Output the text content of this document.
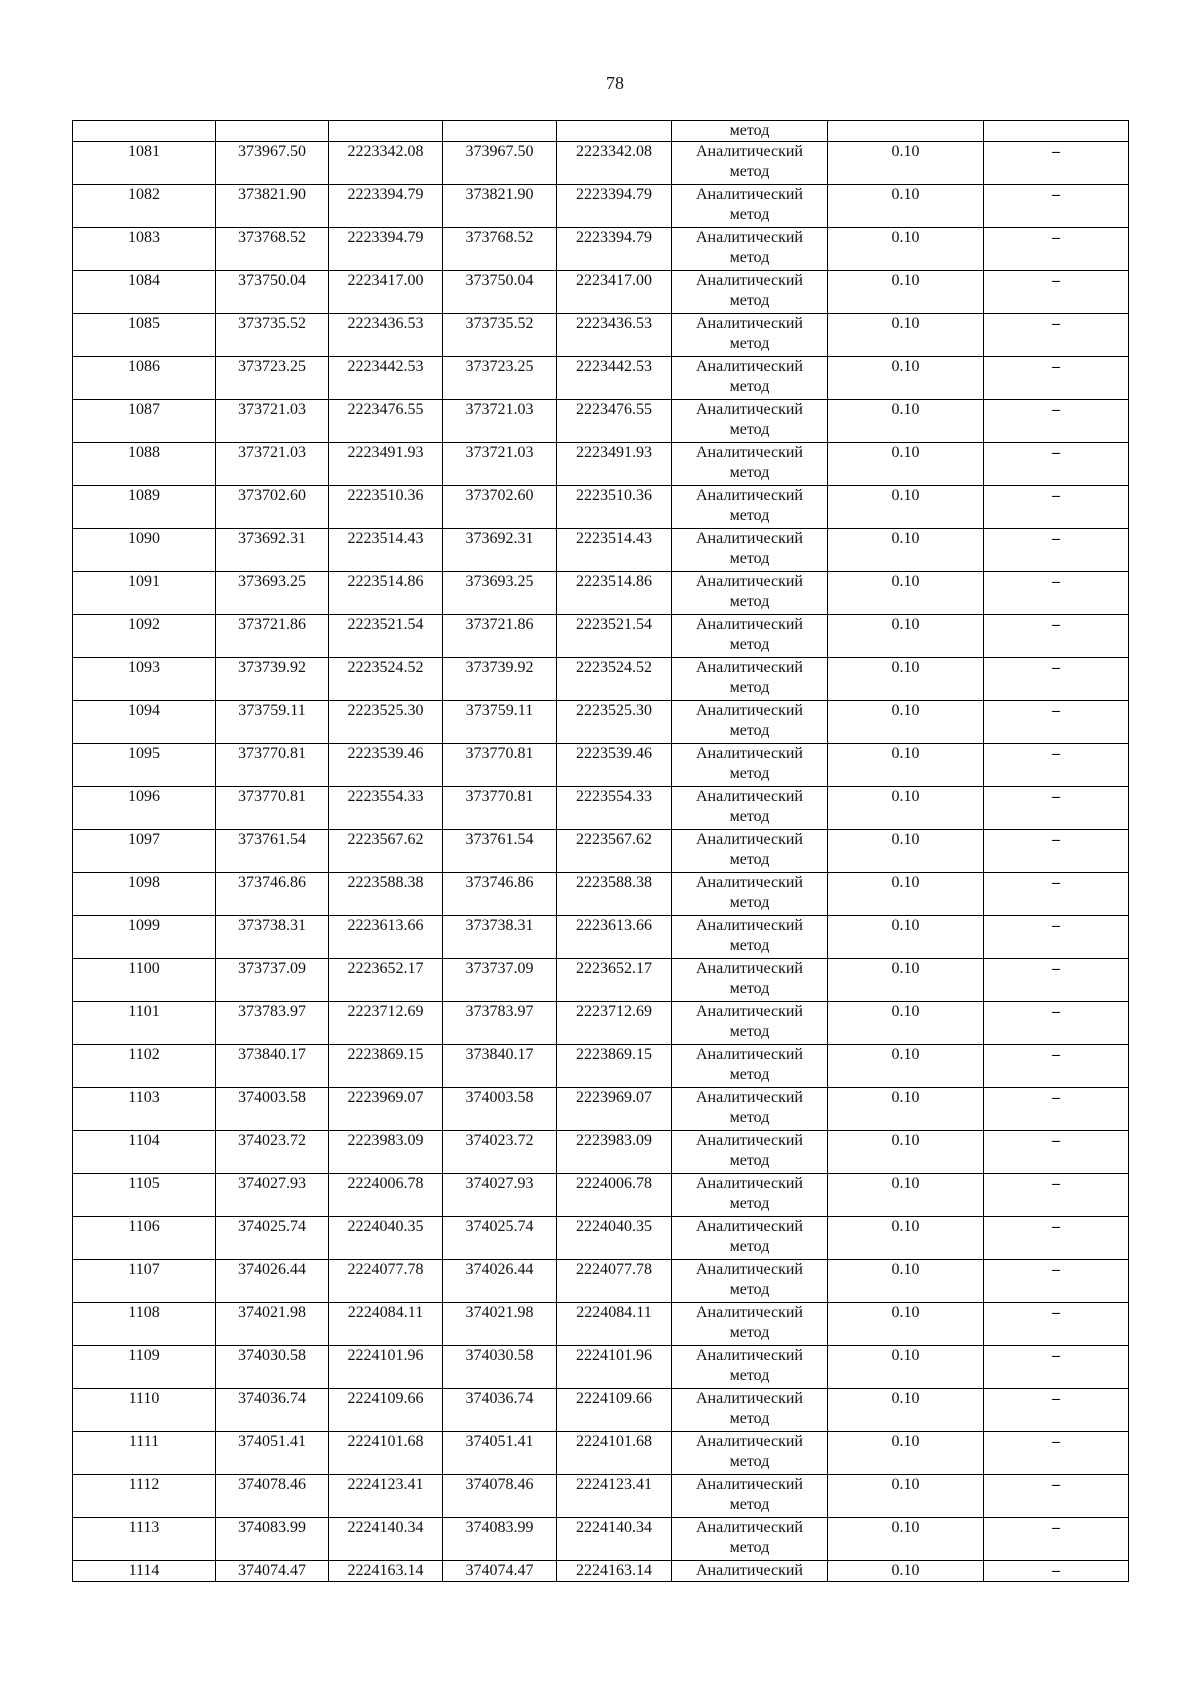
78
					метод		
1081	373967.50	2223342.08	373967.50	2223342.08	Аналитический
метод	0.10	–
1082	373821.90	2223394.79	373821.90	2223394.79	Аналитический
метод	0.10	–
1083	373768.52	2223394.79	373768.52	2223394.79	Аналитический
метод	0.10	–
1084	373750.04	2223417.00	373750.04	2223417.00	Аналитический
метод	0.10	–
1085	373735.52	2223436.53	373735.52	2223436.53	Аналитический
метод	0.10	–
1086	373723.25	2223442.53	373723.25	2223442.53	Аналитический
метод	0.10	–
1087	373721.03	2223476.55	373721.03	2223476.55	Аналитический
метод	0.10	–
1088	373721.03	2223491.93	373721.03	2223491.93	Аналитический
метод	0.10	–
1089	373702.60	2223510.36	373702.60	2223510.36	Аналитический
метод	0.10	–
1090	373692.31	2223514.43	373692.31	2223514.43	Аналитический
метод	0.10	–
1091	373693.25	2223514.86	373693.25	2223514.86	Аналитический
метод	0.10	–
1092	373721.86	2223521.54	373721.86	2223521.54	Аналитический
метод	0.10	–
1093	373739.92	2223524.52	373739.92	2223524.52	Аналитический
метод	0.10	–
1094	373759.11	2223525.30	373759.11	2223525.30	Аналитический
метод	0.10	–
1095	373770.81	2223539.46	373770.81	2223539.46	Аналитический
метод	0.10	–
1096	373770.81	2223554.33	373770.81	2223554.33	Аналитический
метод	0.10	–
1097	373761.54	2223567.62	373761.54	2223567.62	Аналитический
метод	0.10	–
1098	373746.86	2223588.38	373746.86	2223588.38	Аналитический
метод	0.10	–
1099	373738.31	2223613.66	373738.31	2223613.66	Аналитический
метод	0.10	–
1100	373737.09	2223652.17	373737.09	2223652.17	Аналитический
метод	0.10	–
1101	373783.97	2223712.69	373783.97	2223712.69	Аналитический
метод	0.10	–
1102	373840.17	2223869.15	373840.17	2223869.15	Аналитический
метод	0.10	–
1103	374003.58	2223969.07	374003.58	2223969.07	Аналитический
метод	0.10	–
1104	374023.72	2223983.09	374023.72	2223983.09	Аналитический
метод	0.10	–
1105	374027.93	2224006.78	374027.93	2224006.78	Аналитический
метод	0.10	–
1106	374025.74	2224040.35	374025.74	2224040.35	Аналитический
метод	0.10	–
1107	374026.44	2224077.78	374026.44	2224077.78	Аналитический
метод	0.10	–
1108	374021.98	2224084.11	374021.98	2224084.11	Аналитический
метод	0.10	–
1109	374030.58	2224101.96	374030.58	2224101.96	Аналитический
метод	0.10	–
1110	374036.74	2224109.66	374036.74	2224109.66	Аналитический
метод	0.10	–
1111	374051.41	2224101.68	374051.41	2224101.68	Аналитический
метод	0.10	–
1112	374078.46	2224123.41	374078.46	2224123.41	Аналитический
метод	0.10	–
1113	374083.99	2224140.34	374083.99	2224140.34	Аналитический
метод	0.10	–
1114	374074.47	2224163.14	374074.47	2224163.14	Аналитический	0.10	–
